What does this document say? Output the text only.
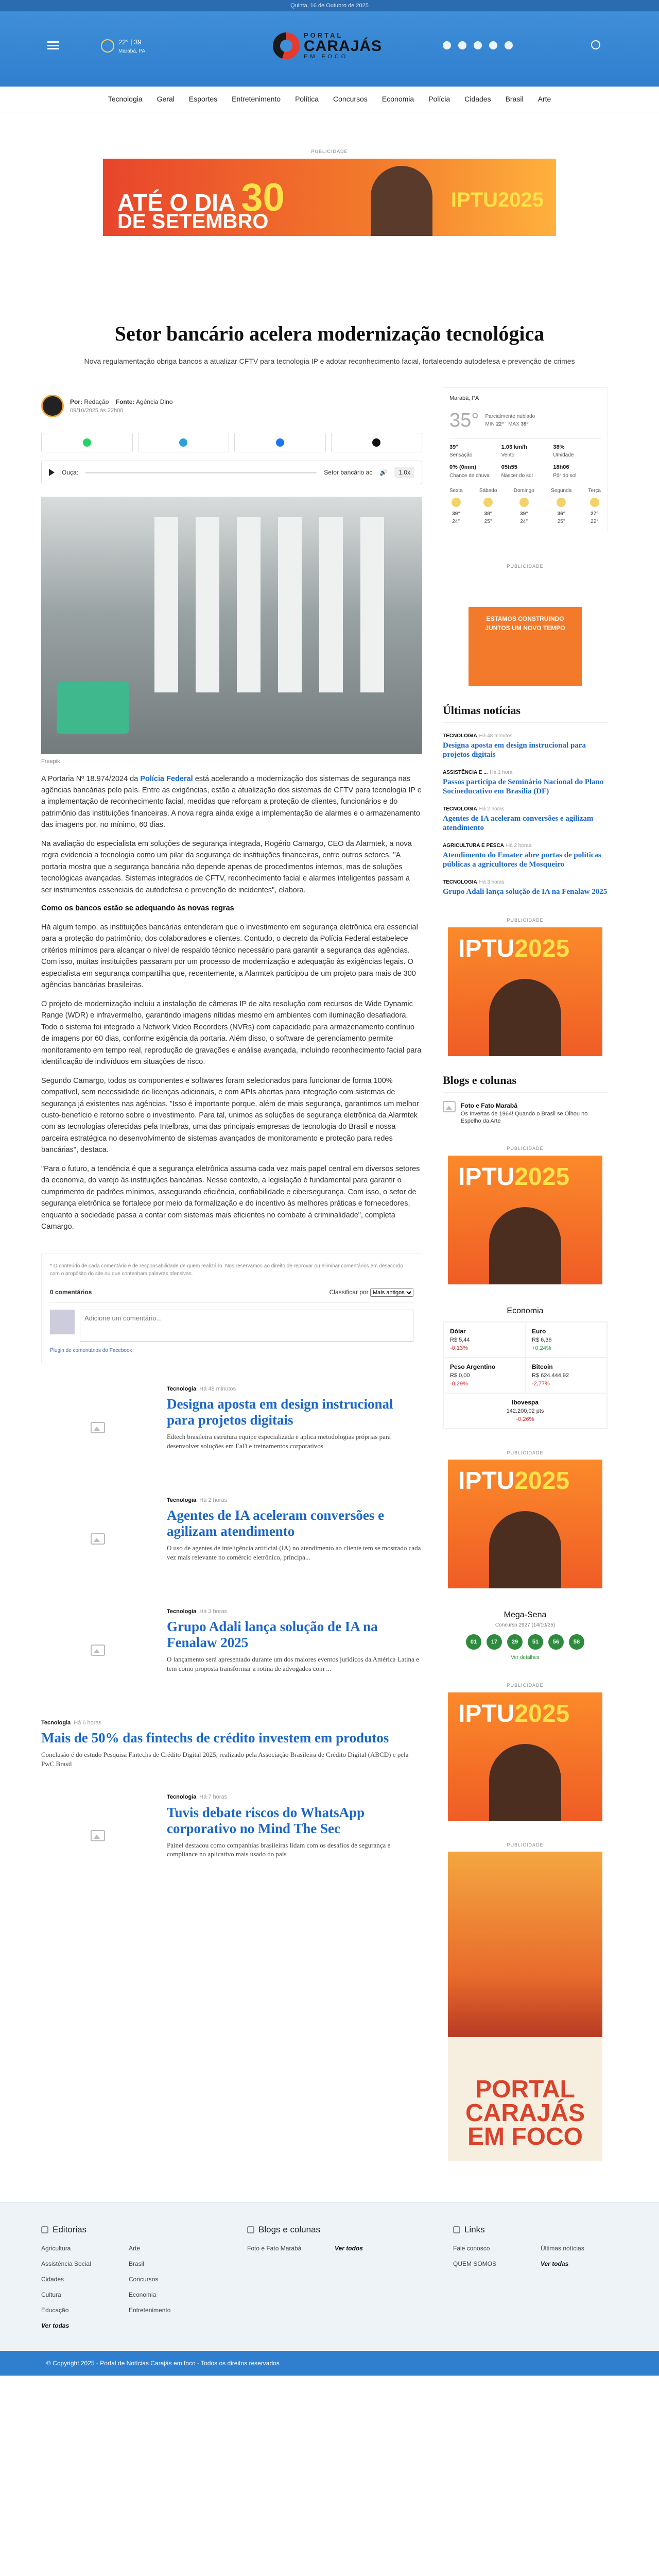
Quinta, 16 de Outubro de 2025
22° | 39
Marabá, PA
PORTAL
CARAJÁS
EM FOCO
Tecnologia Geral Esportes Entretenimento Política Concursos Economia Polícia Cidades Brasil Arte
PUBLICIDADE
ATÉ O DIA 30
DE SETEMBRO
IPTU2025
Setor bancário acelera modernização tecnológica
Nova regulamentação obriga bancos a atualizar CFTV para tecnologia IP e adotar reconhecimento facial, fortalecendo autodefesa e prevenção de crimes
Por: Redação Fonte: Agência Dino
09/10/2025 às 22h00
Ouça:	Setor bancário ac 🔊	1.0x
Freepik

A Portaria Nº 18.974/2024 da Polícia Federal está acelerando a modernização dos sistemas de segurança nas agências bancárias pelo país. Entre as exigências, estão a atualização dos sistemas de CFTV para tecnologia IP e a implementação de reconhecimento facial, medidas que reforçam a proteção de clientes, funcionários e do patrimônio das instituições financeiras. A nova regra ainda exige a implementação de alarmes e o armazenamento das imagens por, no mínimo, 60 dias.

Na avaliação do especialista em soluções de segurança integrada, Rogério Camargo, CEO da Alarmtek, a nova regra evidencia a tecnologia como um pilar da segurança de instituições financeiras, entre outros setores. "A portaria mostra que a segurança bancária não depende apenas de procedimentos internos, mas de soluções tecnológicas avançadas. Sistemas integrados de CFTV, reconhecimento facial e alarmes inteligentes passam a ser instrumentos essenciais de autodefesa e prevenção de incidentes", elabora.

Como os bancos estão se adequando às novas regras

Há algum tempo, as instituições bancárias entenderam que o investimento em segurança eletrônica era essencial para a proteção do patrimônio, dos colaboradores e clientes. Contudo, o decreto da Polícia Federal estabelece critérios mínimos para alcançar o nível de respaldo técnico necessário para garantir a segurança das agências. Com isso, muitas instituições passaram por um processo de modernização e adequação às exigências legais. O especialista em segurança compartilha que, recentemente, a Alarmtek participou de um projeto para mais de 300 agências bancárias brasileiras.

O projeto de modernização incluiu a instalação de câmeras IP de alta resolução com recursos de Wide Dynamic Range (WDR) e infravermelho, garantindo imagens nítidas mesmo em ambientes com iluminação desafiadora. Todo o sistema foi integrado a Network Video Recorders (NVRs) com capacidade para armazenamento contínuo de imagens por 60 dias, conforme exigência da portaria. Além disso, o software de gerenciamento permite monitoramento em tempo real, reprodução de gravações e análise avançada, incluindo reconhecimento facial para identificação de indivíduos em situações de risco.

Segundo Camargo, todos os componentes e softwares foram selecionados para funcionar de forma 100% compatível, sem necessidade de licenças adicionais, e com APIs abertas para integração com sistemas de segurança já existentes nas agências. "Isso é importante porque, além de mais segurança, garantimos um melhor custo-benefício e retorno sobre o investimento. Para tal, unimos as soluções de segurança eletrônica da Alarmtek com as tecnologias oferecidas pela Intelbras, uma das principais empresas de tecnologia do Brasil e nossa parceira estratégica no desenvolvimento de sistemas avançados de monitoramento e proteção para redes bancárias", destaca.

"Para o futuro, a tendência é que a segurança eletrônica assuma cada vez mais papel central em diversos setores da economia, do varejo às instituições bancárias. Nesse contexto, a legislação é fundamental para garantir o cumprimento de padrões mínimos, assegurando eficiência, confiabilidade e cibersegurança. Com isso, o setor de segurança eletrônica se fortalece por meio da formalização e do incentivo às melhores práticas e fornecedores, enquanto a sociedade passa a contar com sistemas mais eficientes no combate à criminalidade", completa Camargo.

* O conteúdo de cada comentário é de responsabilidade de quem realizá-lo. Nos reservamos ao direito de reprovar ou eliminar comentários em desacordo com o propósito do site ou que contenham palavras ofensivas.
0 comentários	Classificar por
Mais antigos
Adicione um comentário...
Plugin de comentários do Facebook
Tecnologia Há 48 minutos
Designa aposta em design instrucional para projetos digitais
Edtech brasileira estrutura equipe especializada e aplica metodologias próprias para desenvolver soluções em EaD e treinamentos corporativos
Tecnologia Há 2 horas
Agentes de IA aceleram conversões e agilizam atendimento
O uso de agentes de inteligência artificial (IA) no atendimento ao cliente tem se mostrado cada vez mais relevante no comércio eletrônico, principa...
Tecnologia Há 3 horas
Grupo Adali lança solução de IA na Fenalaw 2025
O lançamento será apresentado durante um dos maiores eventos jurídicos da América Latina e tem como proposta transformar a rotina de advogados com ...
Tecnologia Há 6 horas
Mais de 50% das fintechs de crédito investem em produtos
Conclusão é do estudo Pesquisa Fintechs de Crédito Digital 2025, realizado pela Associação Brasileira de Crédito Digital (ABCD) e pela PwC Brasil
Tecnologia Há 7 horas
Tuvis debate riscos do WhatsApp corporativo no Mind The Sec
Painel destacou como companhias brasileiras lidam com os desafios de segurança e compliance no aplicativo mais usado do país
Marabá, PA
35° Parcialmente nublado
MIN 22° MAX 39°
39°
Sensação
1.03 km/h
Vento
38%
Umidade
0% (0mm)
Chance de chuva
05h55
Nascer do sol
18h06
Pôr do sol
Sexta
39°
24°
Sábado
38°
25°
Domingo
39°
24°
Segunda
36°
25°
Terça
27°
22°
PUBLICIDADE
ESTAMOS CONSTRUINDO JUNTOS UM NOVO TEMPO
Últimas notícias
TECNOLOGIA Há 48 minutos
Designa aposta em design instrucional para projetos digitais
ASSISTÊNCIA E ... Há 1 hora
Passos participa de Seminário Nacional do Plano Socioeducativo em Brasília (DF)
TECNOLOGIA Há 2 horas
Agentes de IA aceleram conversões e agilizam atendimento
AGRICULTURA E PESCA Há 2 horas
Atendimento do Emater abre portas de políticas públicas a agricultores de Mosqueiro
TECNOLOGIA Há 3 horas
Grupo Adali lança solução de IA na Fenalaw 2025
PUBLICIDADE
IPTU2025
Blogs e colunas
Foto e Fato Marabá
Os Invertas de 1964! Quando o Brasil se Olhou no Espelho da Arte
PUBLICIDADE
IPTU2025
Economia
Dólar
R$ 5,44
-0,13%
Euro
R$ 6,36
+0,24%
Peso Argentino
R$ 0,00
-0,29%
Bitcoin
R$ 624.444,92
-2,77%
Ibovespa
142.200,02 pts
-0,26%
PUBLICIDADE
IPTU2025
Mega-Sena
Concurso 2927 (14/10/25)
01	17	29	51	56	58
Ver detalhes
PUBLICIDADE
IPTU2025
PUBLICIDADE
PORTAL CARAJÁS EM FOCO
Editorias
Agricultura	Arte
Assistência Social	Brasil
Cidades	Concursos
Cultura	Economia
Educação	Entretenimento
Ver todas
Blogs e colunas
Foto e Fato Marabá	Ver todos
Links
Fale conosco	Últimas notícias
QUEM SOMOS	Ver todas
© Copyright 2025 - Portal de Notícias Carajás em foco - Todos os direitos reservados
